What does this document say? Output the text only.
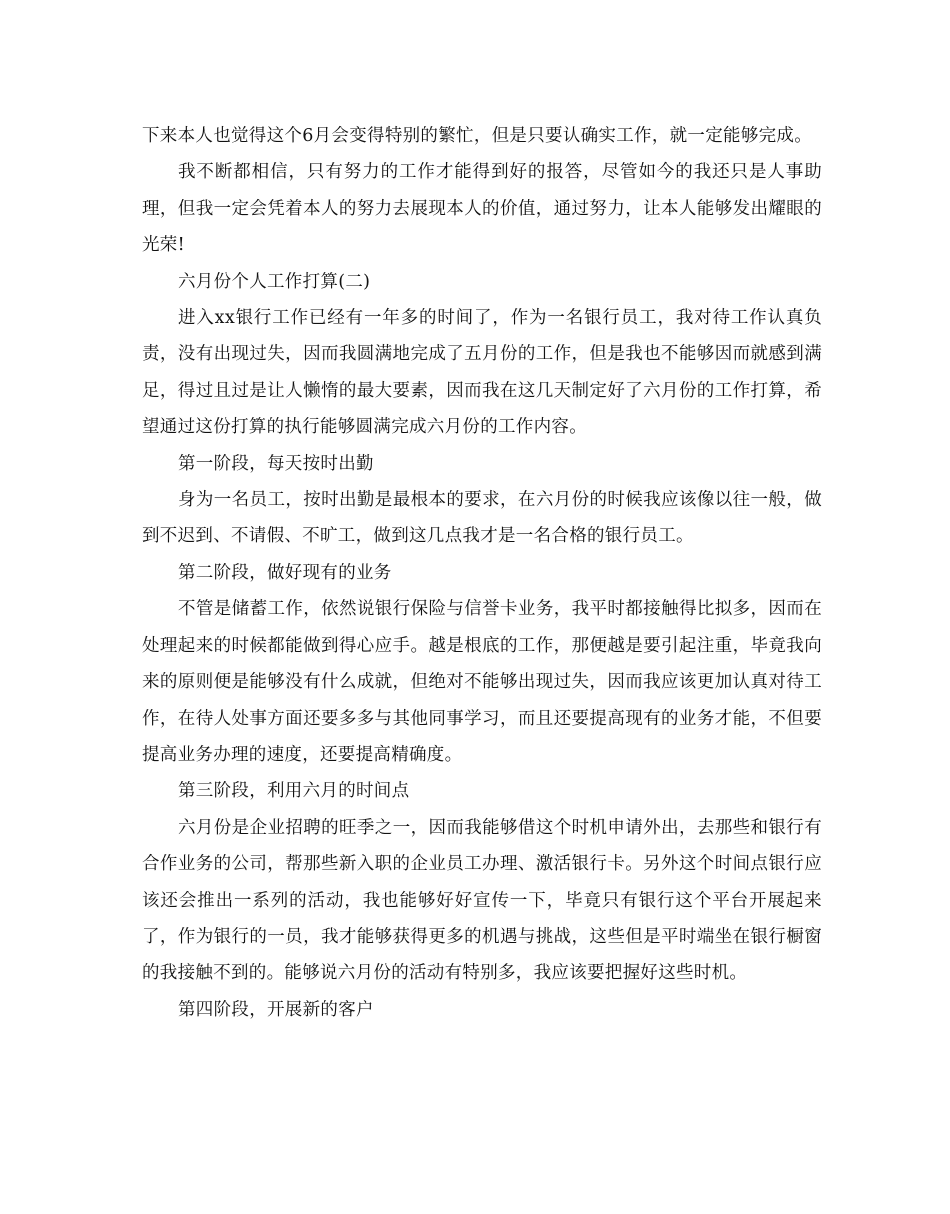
下来本人也觉得这个6月会变得特别的繁忙，但是只要认确实工作，就一定能够完成。

我不断都相信，只有努力的工作才能得到好的报答，尽管如今的我还只是人事助理，但我一定会凭着本人的努力去展现本人的价值，通过努力，让本人能够发出耀眼的光荣!

六月份个人工作打算(二)

进入xx银行工作已经有一年多的时间了，作为一名银行员工，我对待工作认真负责，没有出现过失，因而我圆满地完成了五月份的工作，但是我也不能够因而就感到满足，得过且过是让人懒惰的最大要素，因而我在这几天制定好了六月份的工作打算，希望通过这份打算的执行能够圆满完成六月份的工作内容。

第一阶段，每天按时出勤

身为一名员工，按时出勤是最根本的要求，在六月份的时候我应该像以往一般，做到不迟到、不请假、不旷工，做到这几点我才是一名合格的银行员工。

第二阶段，做好现有的业务

不管是储蓄工作，依然说银行保险与信誉卡业务，我平时都接触得比拟多，因而在处理起来的时候都能做到得心应手。越是根底的工作，那便越是要引起注重，毕竟我向来的原则便是能够没有什么成就，但绝对不能够出现过失，因而我应该更加认真对待工作，在待人处事方面还要多多与其他同事学习，而且还要提高现有的业务才能，不但要提高业务办理的速度，还要提高精确度。

第三阶段，利用六月的时间点

六月份是企业招聘的旺季之一，因而我能够借这个时机申请外出，去那些和银行有合作业务的公司，帮那些新入职的企业员工办理、激活银行卡。另外这个时间点银行应该还会推出一系列的活动，我也能够好好宣传一下，毕竟只有银行这个平台开展起来了，作为银行的一员，我才能够获得更多的机遇与挑战，这些但是平时端坐在银行橱窗的我接触不到的。能够说六月份的活动有特别多，我应该要把握好这些时机。

第四阶段，开展新的客户
